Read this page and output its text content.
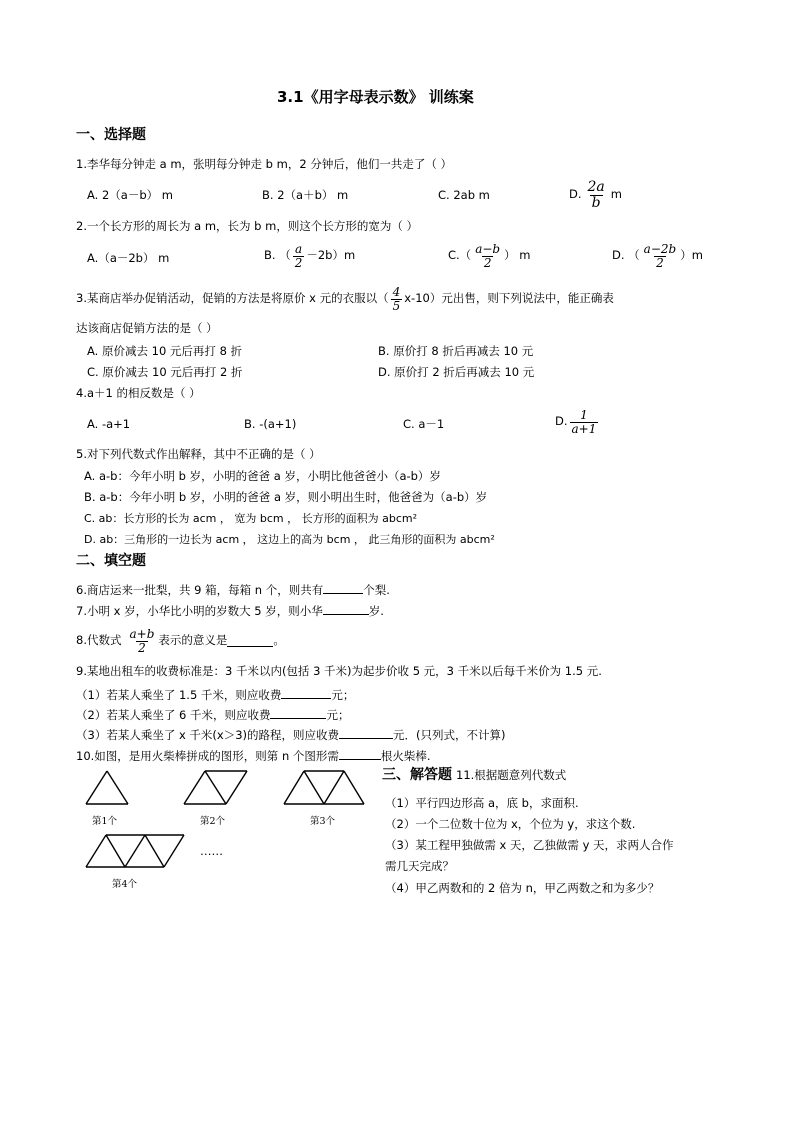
3.1《用字母表示数》 训练案
一、选择题
1.李华每分钟走 a m，张明每分钟走 b m，2 分钟后，他们一共走了（ ）
A. 2（a－b） m	B. 2（a＋b） m	C. 2ab m	D. $\frac{2a}{b}$ m
2.一个长方形的周长为 a m，长为 b m，则这个长方形的宽为（ ）
A.（a－2b） m	B. （ $\frac{a}{2} -2b)m$	$C.( \frac{a-b}{2}$ ） m	D. （ $\frac{a-2b}{2} )m$
3.某商店举办促销活动，促销的方法是将原价 x 元的衣服以（ $\frac{4}{5} x-10$）元出售，则下列说法中，能正确表
达该商店促销方法的是（ ）
A. 原价减去 10 元后再打 8 折	B. 原价打 8 折后再减去 10 元
C. 原价减去 10 元后再打 2 折	D. 原价打 2 折后再减去 10 元
4.a＋1 的相反数是（ ）
A. -a+1	B. -(a+1)	C. a－1	D. $\frac{1}{a+1}$
5.对下列代数式作出解释，其中不正确的是（ ）
A. a-b：今年小明 b 岁，小明的爸爸 a 岁，小明比他爸爸小（a-b）岁
B. a-b：今年小明 b 岁，小明的爸爸 a 岁，则小明出生时，他爸爸为（a-b）岁
C. ab：长方形的长为 acm ， 宽为 bcm ， 长方形的面积为 abcm²
D. ab：三角形的一边长为 acm ， 这边上的高为 bcm ， 此三角形的面积为 abcm²
二、填空题
6.商店运来一批梨，共 9 箱，每箱 n 个，则共有	个梨.
7.小明 x 岁，小华比小明的岁数大 5 岁，则小华	岁.
8.代数式 $\frac{a+b}{2}$ 表示的意义是	。
9.某地出租车的收费标准是：3 千米以内(包括 3 千米)为起步价收 5 元，3 千米以后每千米价为 1.5 元.
（1）若某人乘坐了 1.5 千米，则应收费	元；
（2）若某人乘坐了 6 千米，则应收费	元；
（3）若某人乘坐了 x 千米(x＞3)的路程，则应收费	元．(只列式，不计算)
10.如图，是用火柴棒拼成的图形，则第 n 个图形需	根火柴棒.
第1个	第2个	第3个
第4个
……
三、解答题 11.根据题意列代数式
（1）平行四边形高 a，底 b，求面积.
（2）一个二位数十位为 x，个位为 y，求这个数.
（3）某工程甲独做需 x 天，乙独做需 y 天，求两人合作
需几天完成？
（4）甲乙两数和的 2 倍为 n，甲乙两数之和为多少？
